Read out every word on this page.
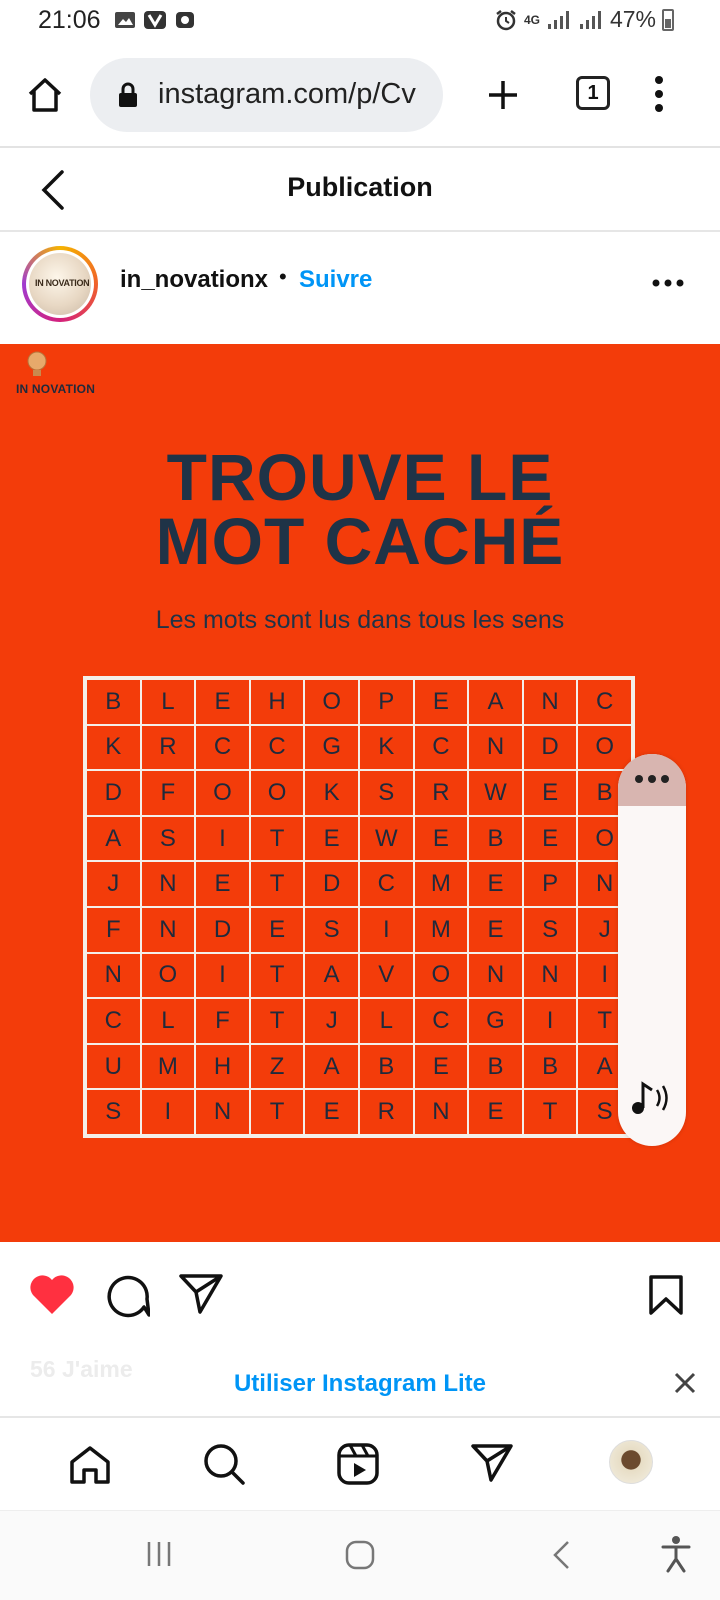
21:06	4G	47%
instagram.com/p/Cv	1
Publication
IN NOVATION in_novationx • Suivre
IN NOVATION
TROUVE LE
MOT CACHÉ
Les mots sont lus dans tous les sens
B	L	E	H	O	P	E	A	N	C
K	R	C	C	G	K	C	N	D	O
D	F	O	O	K	S	R	W	E	B
A	S	I	T	E	W	E	B	E	O
J	N	E	T	D	C	M	E	P	N
F	N	D	E	S	I	M	E	S	J
N	O	I	T	A	V	O	N	N	I
C	L	F	T	J	L	C	G	I	T
U	M	H	Z	A	B	E	B	B	A
S	I	N	T	E	R	N	E	T	S
56 J'aime
Utiliser Instagram Lite
